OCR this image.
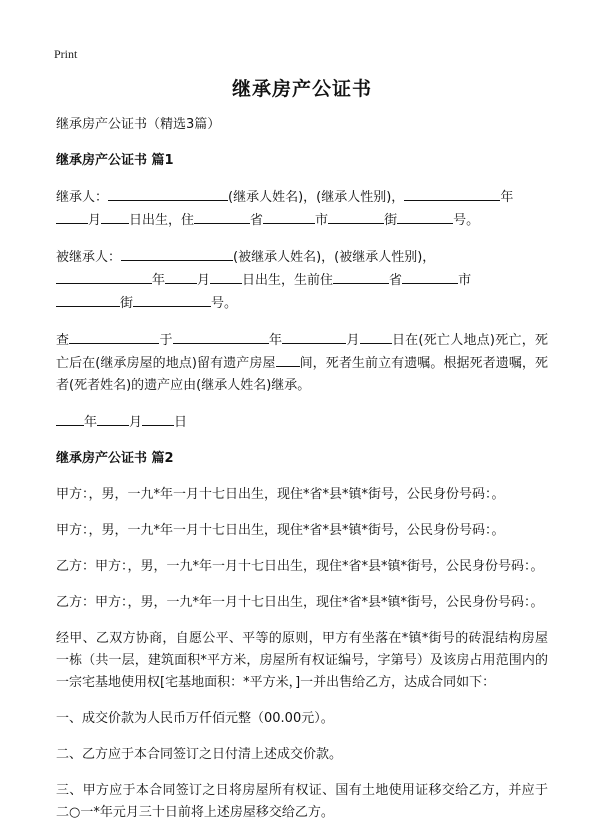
Print
继承房产公证书
继承房产公证书（精选3篇）
继承房产公证书 篇1
继承人：	(继承人姓名)，(继承人性别)，	年
月 日出生，住	省	市	街	号。
被继承人：	(被继承人姓名)，(被继承人性别)，
年 月 日出生，生前住	省	市
街	号。
查	于	年	月 日在(死亡人地点)死亡，死亡后在(继承房屋的地点)留有遗产房屋 间，死者生前立有遗嘱。根据死者遗嘱，死者(死者姓名)的遗产应由(继承人姓名)继承。
年 月 日
继承房产公证书 篇2
甲方：，男，一九*年一月十七日出生，现住*省*县*镇*街号，公民身份号码：。
甲方：，男，一九*年一月十七日出生，现住*省*县*镇*街号，公民身份号码：。
乙方：甲方：，男，一九*年一月十七日出生，现住*省*县*镇*街号，公民身份号码：。
乙方：甲方：，男，一九*年一月十七日出生，现住*省*县*镇*街号，公民身份号码：。
经甲、乙双方协商，自愿公平、平等的原则，甲方有坐落在*镇*街号的砖混结构房屋一栋（共一层，建筑面积*平方米，房屋所有权证编号，字第号）及该房占用范围内的一宗宅基地使用权[宅基地面积：*平方米，]一并出售给乙方，达成合同如下：
一、成交价款为人民币万仟佰元整（00.00元）。
二、乙方应于本合同签订之日付清上述成交价款。
三、甲方应于本合同签订之日将房屋所有权证、国有土地使用证移交给乙方，并应于二○一*年元月三十日前将上述房屋移交给乙方。
